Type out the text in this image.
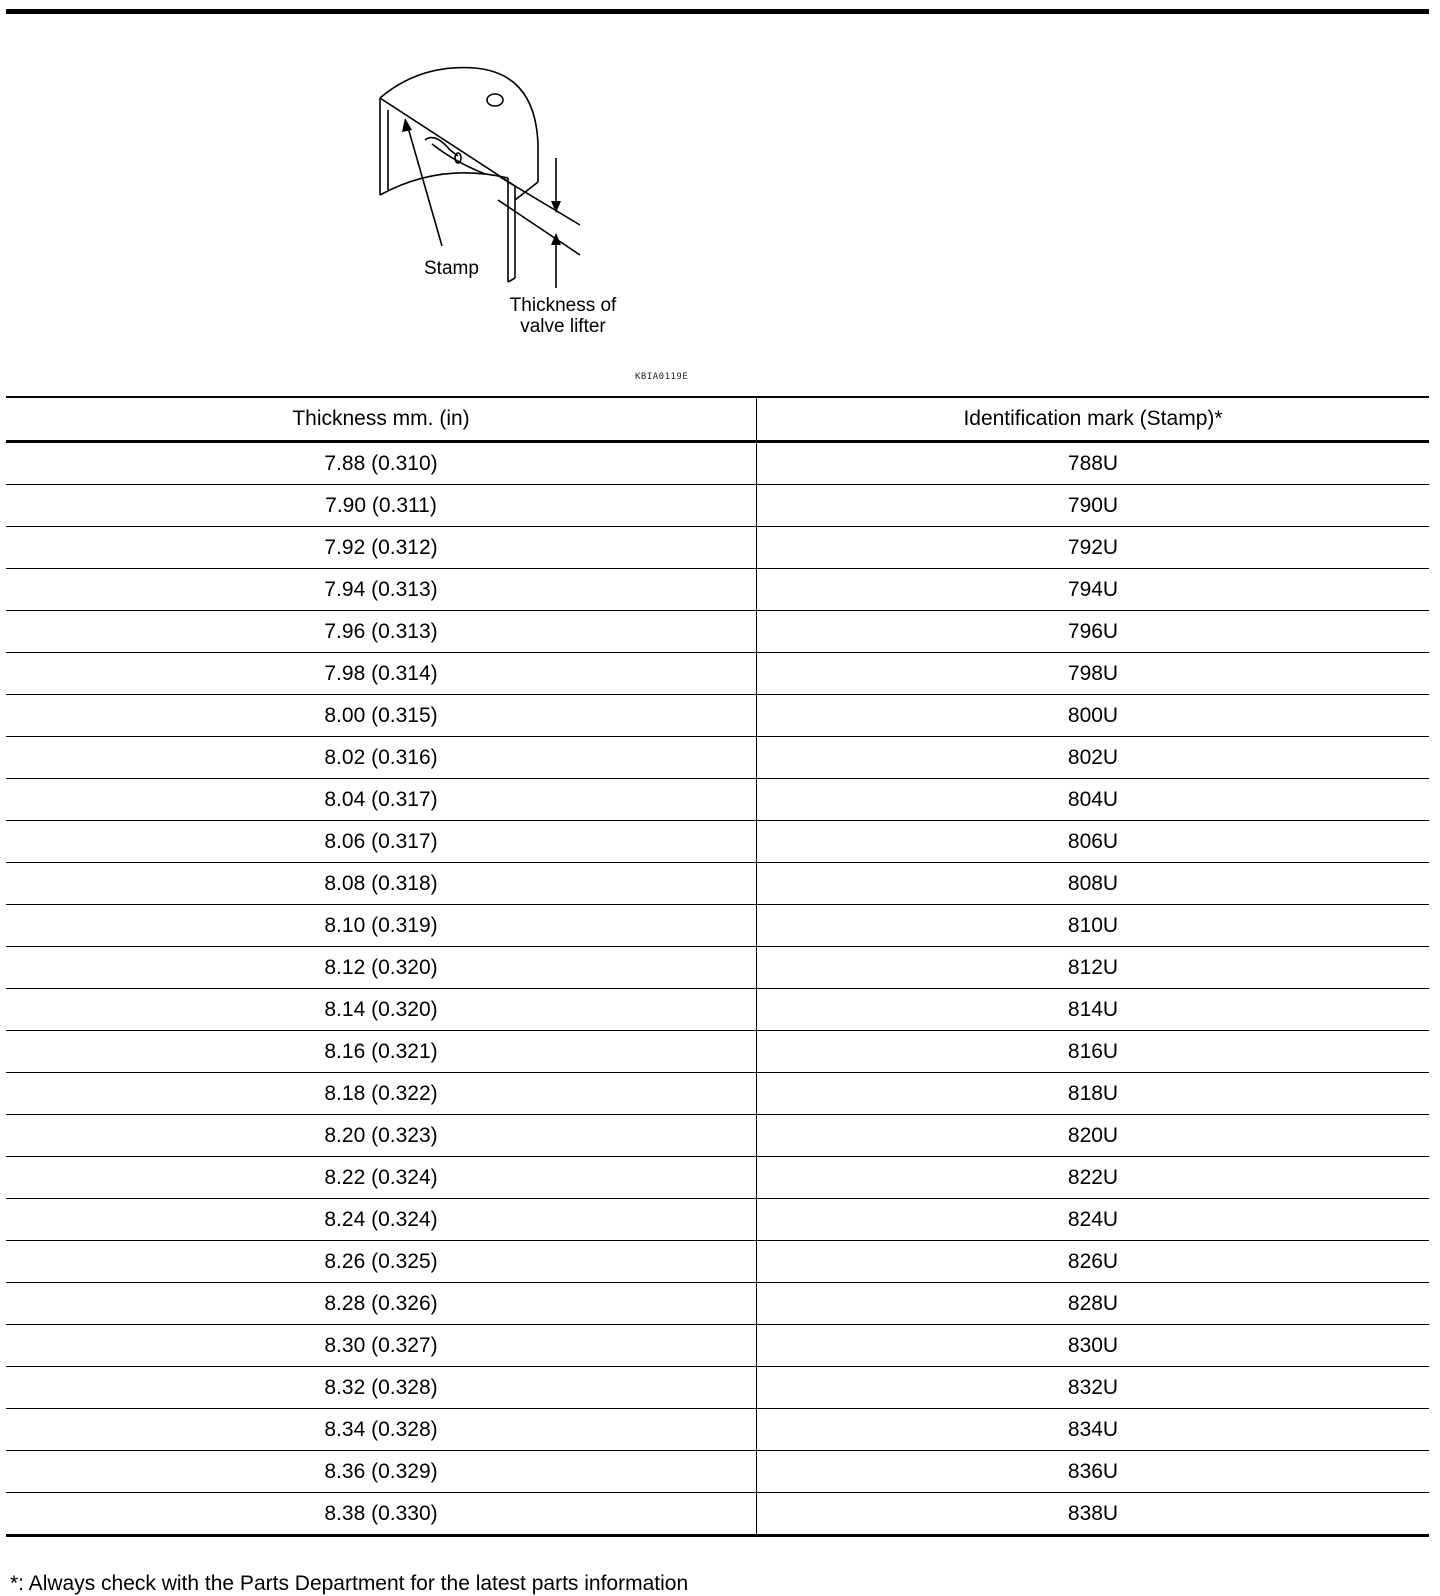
Stamp
Thickness of
valve lifter
KBIA0119E
Thickness mm. (in)	Identification mark (Stamp)*
7.88 (0.310)	788U
7.90 (0.311)	790U
7.92 (0.312)	792U
7.94 (0.313)	794U
7.96 (0.313)	796U
7.98 (0.314)	798U
8.00 (0.315)	800U
8.02 (0.316)	802U
8.04 (0.317)	804U
8.06 (0.317)	806U
8.08 (0.318)	808U
8.10 (0.319)	810U
8.12 (0.320)	812U
8.14 (0.320)	814U
8.16 (0.321)	816U
8.18 (0.322)	818U
8.20 (0.323)	820U
8.22 (0.324)	822U
8.24 (0.324)	824U
8.26 (0.325)	826U
8.28 (0.326)	828U
8.30 (0.327)	830U
8.32 (0.328)	832U
8.34 (0.328)	834U
8.36 (0.329)	836U
8.38 (0.330)	838U
*: Always check with the Parts Department for the latest parts information
